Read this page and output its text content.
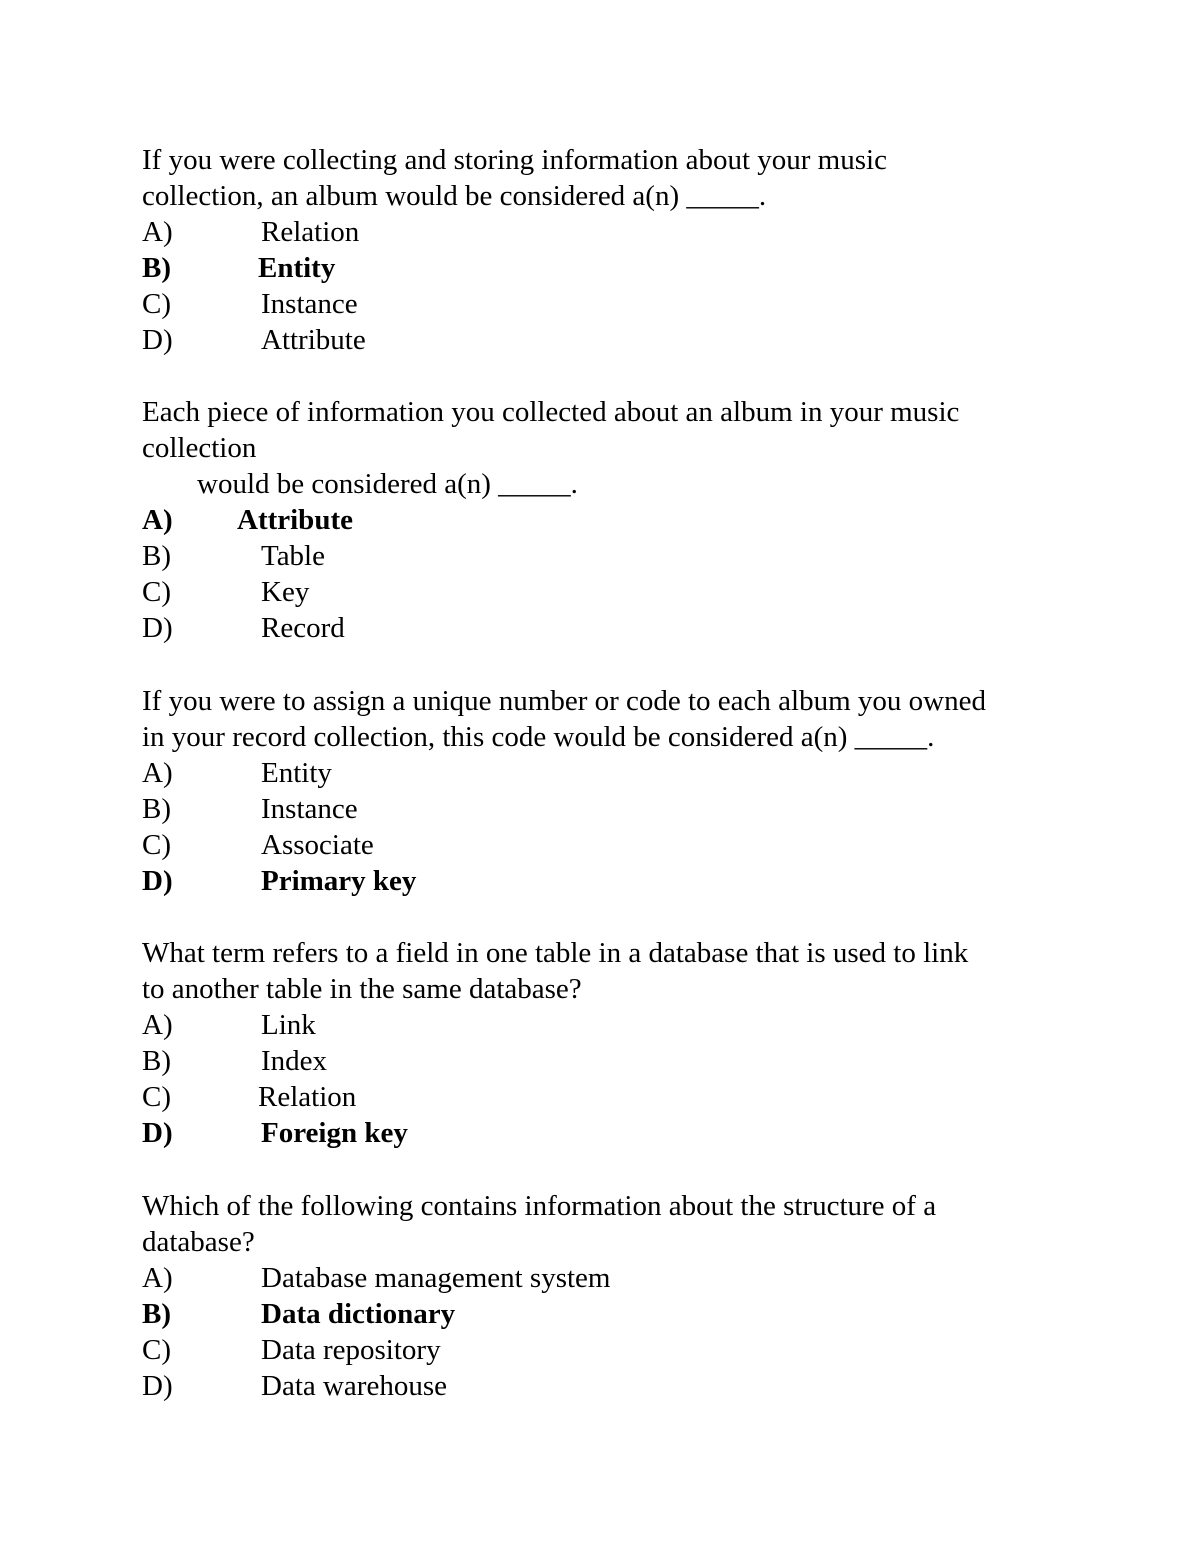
If you were collecting and storing information about your music
collection, an album would be considered a(n) _____.
A)	Relation
B)	Entity
C)	Instance
D)	Attribute
Each piece of information you collected about an album in your music
collection
would be considered a(n) _____.
A) Attribute
B)	Table
C)	Key
D)	Record
If you were to assign a unique number or code to each album you owned
in your record collection, this code would be considered a(n) _____.
A)	Entity
B)	Instance
C)	Associate
D)	Primary key
What term refers to a field in one table in a database that is used to link
to another table in the same database?
A)	Link
B)	Index
C)	Relation
D)	Foreign key
Which of the following contains information about the structure of a
database?
A)	Database management system
B)	Data dictionary
C)	Data repository
D)	Data warehouse
